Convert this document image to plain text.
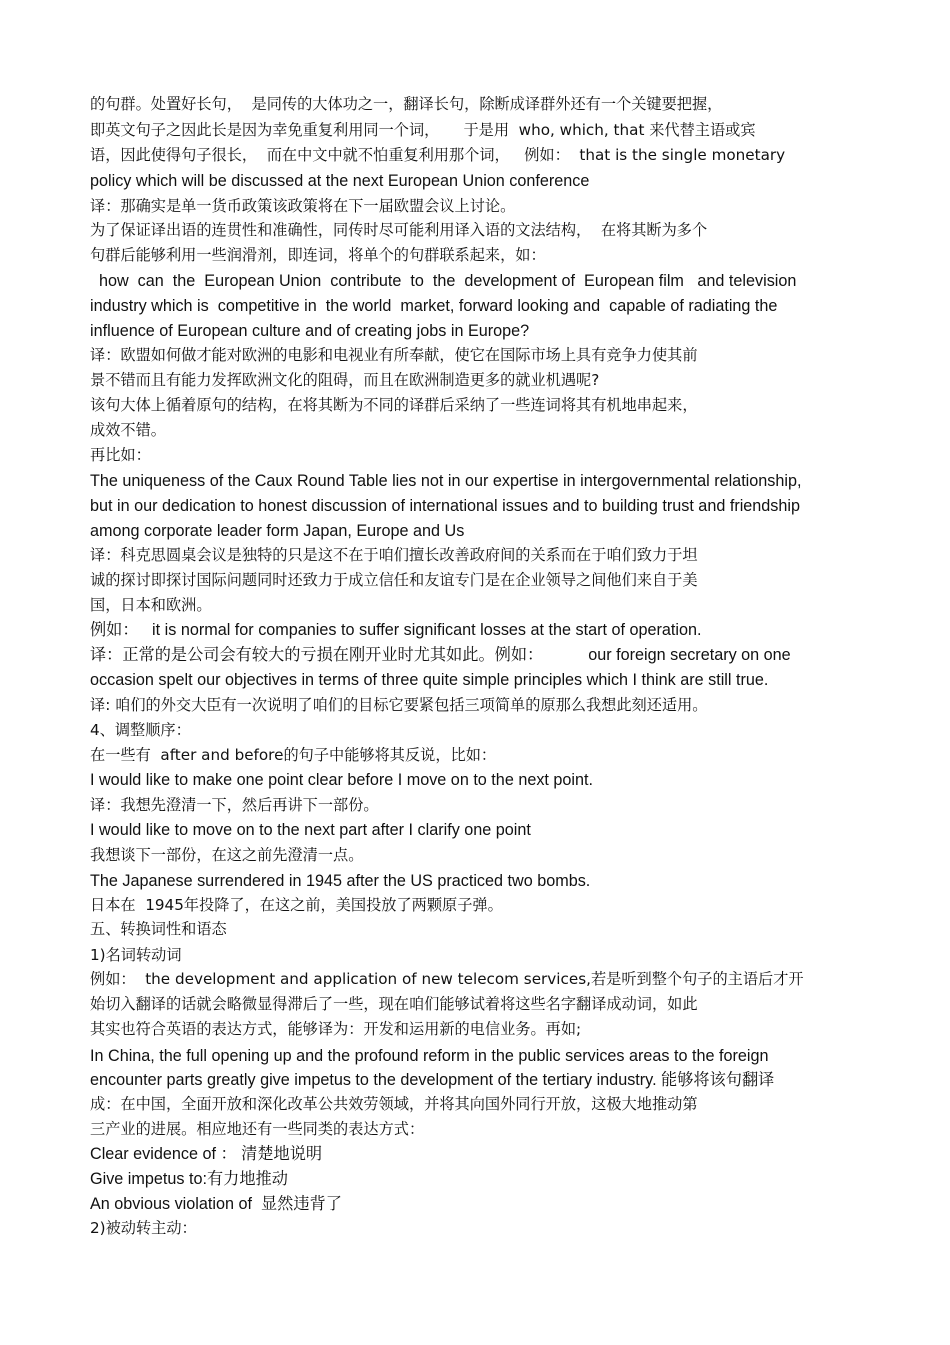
的句群。处置好长句，  是同传的大体功之一，翻译长句，除断成译群外还有一个关键要把握，

即英文句子之因此长是因为幸免重复利用同一个词，     于是用  who, which, that 来代替主语或宾

语，因此使得句子很长，  而在中文中就不怕重复利用那个词，   例如：  that is the single monetary

policy which will be discussed at the next European Union conference

译：那确实是单一货币政策该政策将在下一届欧盟会议上讨论。

为了保证译出语的连贯性和准确性，同传时尽可能利用译入语的文法结构，  在将其断为多个

句群后能够利用一些润滑剂，即连词，将单个的句群联系起来，如：

how  can  the  European Union  contribute  to  the  development of  European film   and television

industry which is  competitive in  the world  market, forward looking and  capable of radiating the

influence of European culture and of creating jobs in Europe?

译：欧盟如何做才能对欧洲的电影和电视业有所奉献，使它在国际市场上具有竞争力使其前

景不错而且有能力发挥欧洲文化的阻碍，而且在欧洲制造更多的就业机遇呢?

该句大体上循着原句的结构，在将其断为不同的译群后采纳了一些连词将其有机地串起来，

成效不错。

再比如：

The uniqueness of the Caux Round Table lies not in our expertise in intergovernmental relationship,

but in our dedication to honest discussion of international issues and to building trust and friendship

among corporate leader form Japan, Europe and Us

译：科克思圆桌会议是独特的只是这不在于咱们擅长改善政府间的关系而在于咱们致力于坦

诚的探讨即探讨国际问题同时还致力于成立信任和友谊专门是在企业领导之间他们来自于美

国，日本和欧洲。

例如：   it is normal for companies to suffer significant losses at the start of operation.

译：正常的是公司会有较大的亏损在刚开业时尤其如此。例如：          our foreign secretary on one

occasion spelt our objectives in terms of three quite simple principles which I think are still true.

译: 咱们的外交大臣有一次说明了咱们的目标它要紧包括三项简单的原那么我想此刻还适用。

4、调整顺序：

在一些有  after and before的句子中能够将其反说，比如：

I would like to make one point clear before I move on to the next point.

译：我想先澄清一下，然后再讲下一部份。

I would like to move on to the next part after I clarify one point

我想谈下一部份，在这之前先澄清一点。

The Japanese surrendered in 1945 after the US practiced two bombs.

日本在  1945年投降了，在这之前，美国投放了两颗原子弹。

五、转换词性和语态

1)名词转动词

例如：  the development and application of new telecom services,若是听到整个句子的主语后才开

始切入翻译的话就会略微显得滞后了一些，现在咱们能够试着将这些名字翻译成动词，如此

其实也符合英语的表达方式，能够译为：开发和运用新的电信业务。再如;

In China, the full opening up and the profound reform in the public services areas to the foreign

encounter parts greatly give impetus to the development of the tertiary industry. 能够将该句翻译

成：在中国，全面开放和深化改革公共效劳领域，并将其向国外同行开放，这极大地推动第

三产业的进展。相应地还有一些同类的表达方式：

Clear evidence of ： 清楚地说明

Give impetus to:有力地推动

An obvious violation of  显然违背了

2)被动转主动：
